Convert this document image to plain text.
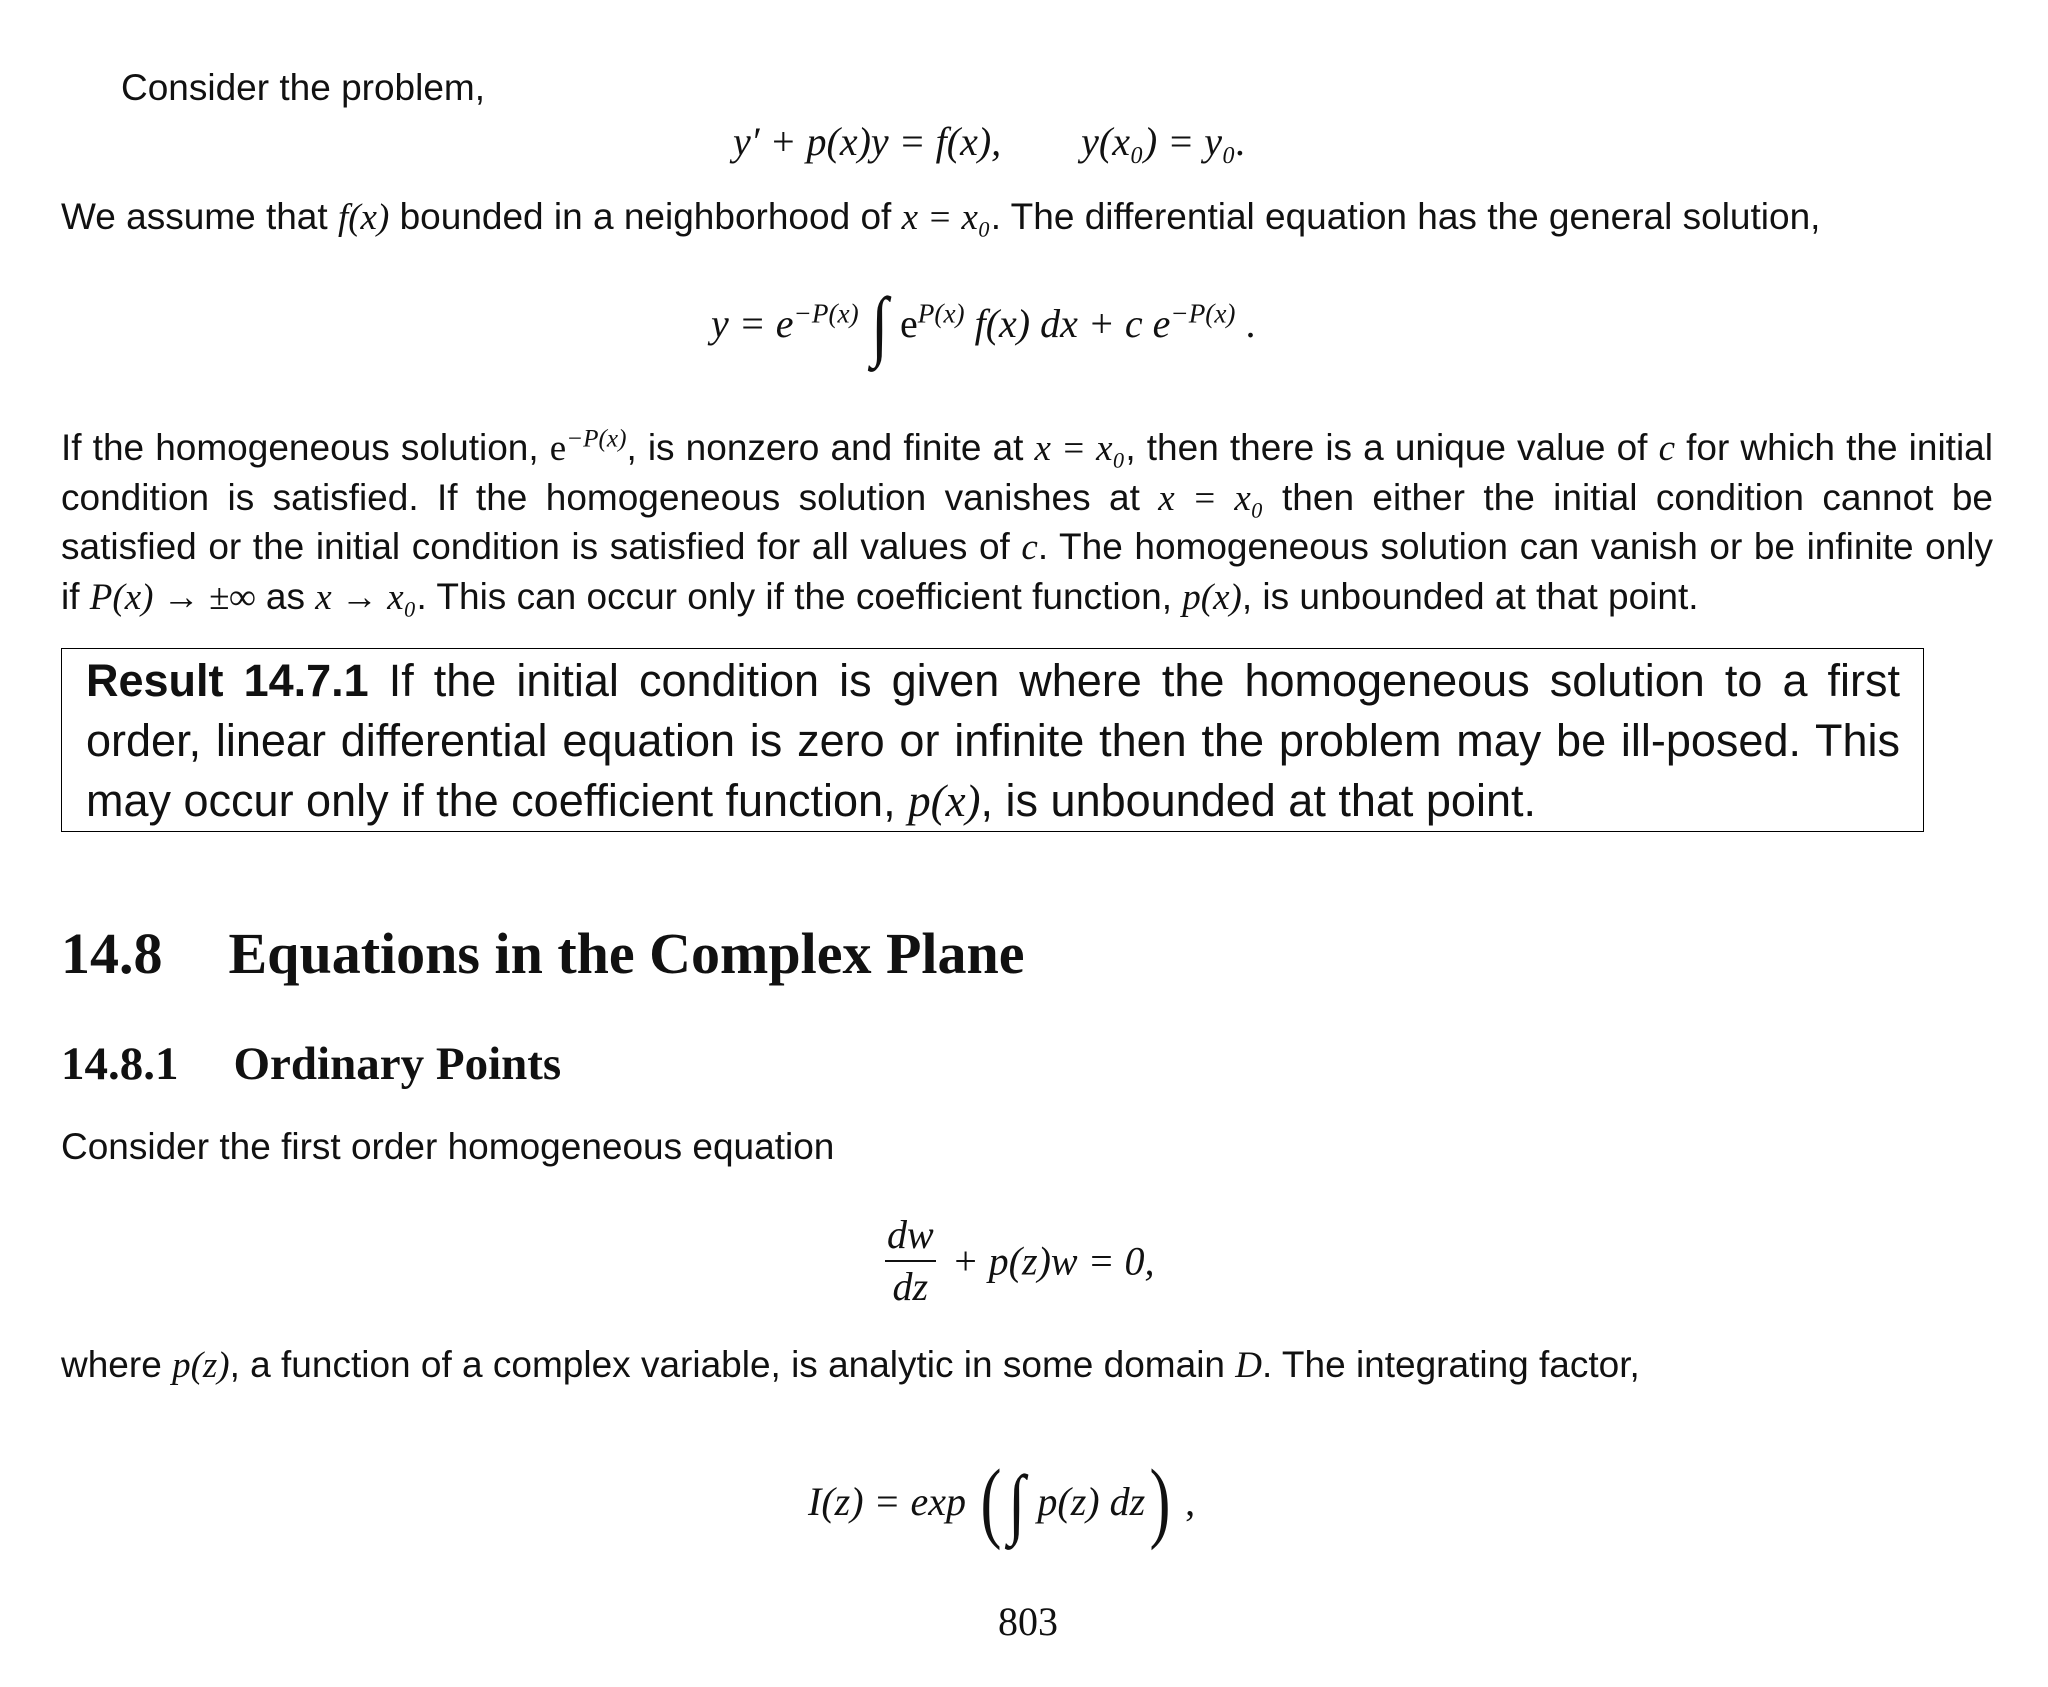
Consider the problem,
y′ + p(x)y = f(x), y(x₀) = y₀.
We assume that f(x) bounded in a neighborhood of x = x₀. The differential equation has the general solution,
$y = e^{-P(x)}$ ∫ $e^{P(x)}$ f(x) dx + c $e^{-P(x)}$ .
If the homogeneous solution, $e^{-P(x)}$, is nonzero and finite at x = x₀, then there is a unique value of c for which the initial condition is satisfied. If the homogeneous solution vanishes at x = x₀ then either the initial condition cannot be satisfied or the initial condition is satisfied for all values of c. The homogeneous solution can vanish or be infinite only if P(x) → ±∞ as x → x₀. This can occur only if the coefficient function, p(x), is unbounded at that point.
Result 14.7.1 If the initial condition is given where the homogeneous solution to a first order, linear differential equation is zero or infinite then the problem may be ill-posed. This may occur only if the coefficient function, p(x), is unbounded at that point.
14.8 Equations in the Complex Plane
14.8.1 Ordinary Points
Consider the first order homogeneous equation
$\frac{dw}{dz} + p(z)w = 0$,
where p(z), a function of a complex variable, is analytic in some domain D. The integrating factor,
I(z) = exp (∫ p(z) dz) ,
803
